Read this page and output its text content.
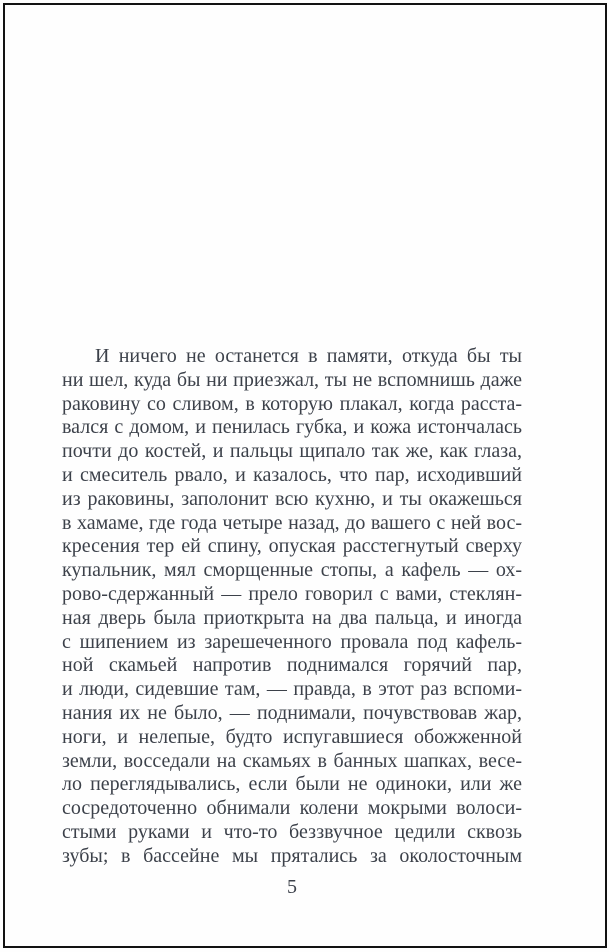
И ничего не останется в памяти, откуда бы ты
ни шел, куда бы ни приезжал, ты не вспомнишь даже
раковину со сливом, в которую плакал, когда расста-
вался с домом, и пенилась губка, и кожа истончалась
почти до костей, и пальцы щипало так же, как глаза,
и смеситель рвало, и казалось, что пар, исходивший
из раковины, заполонит всю кухню, и ты окажешься
в хамаме, где года четыре назад, до вашего с ней вос-
кресения тер ей спину, опуская расстегнутый сверху
купальник, мял сморщенные стопы, а кафель — ох-
рово-сдержанный — прело говорил с вами, стеклян-
ная дверь была приоткрыта на два пальца, и иногда
с шипением из зарешеченного провала под кафель-
ной скамьей напротив поднимался горячий пар,
и люди, сидевшие там, — правда, в этот раз вспоми-
нания их не было, — поднимали, почувствовав жар,
ноги, и нелепые, будто испугавшиеся обожженной
земли, восседали на скамьях в банных шапках, весе-
ло переглядывались, если были не одиноки, или же
сосредоточенно обнимали колени мокрыми волоси-
стыми руками и что-то беззвучное цедили сквозь
зубы; в бассейне мы прятались за околосточным
5
